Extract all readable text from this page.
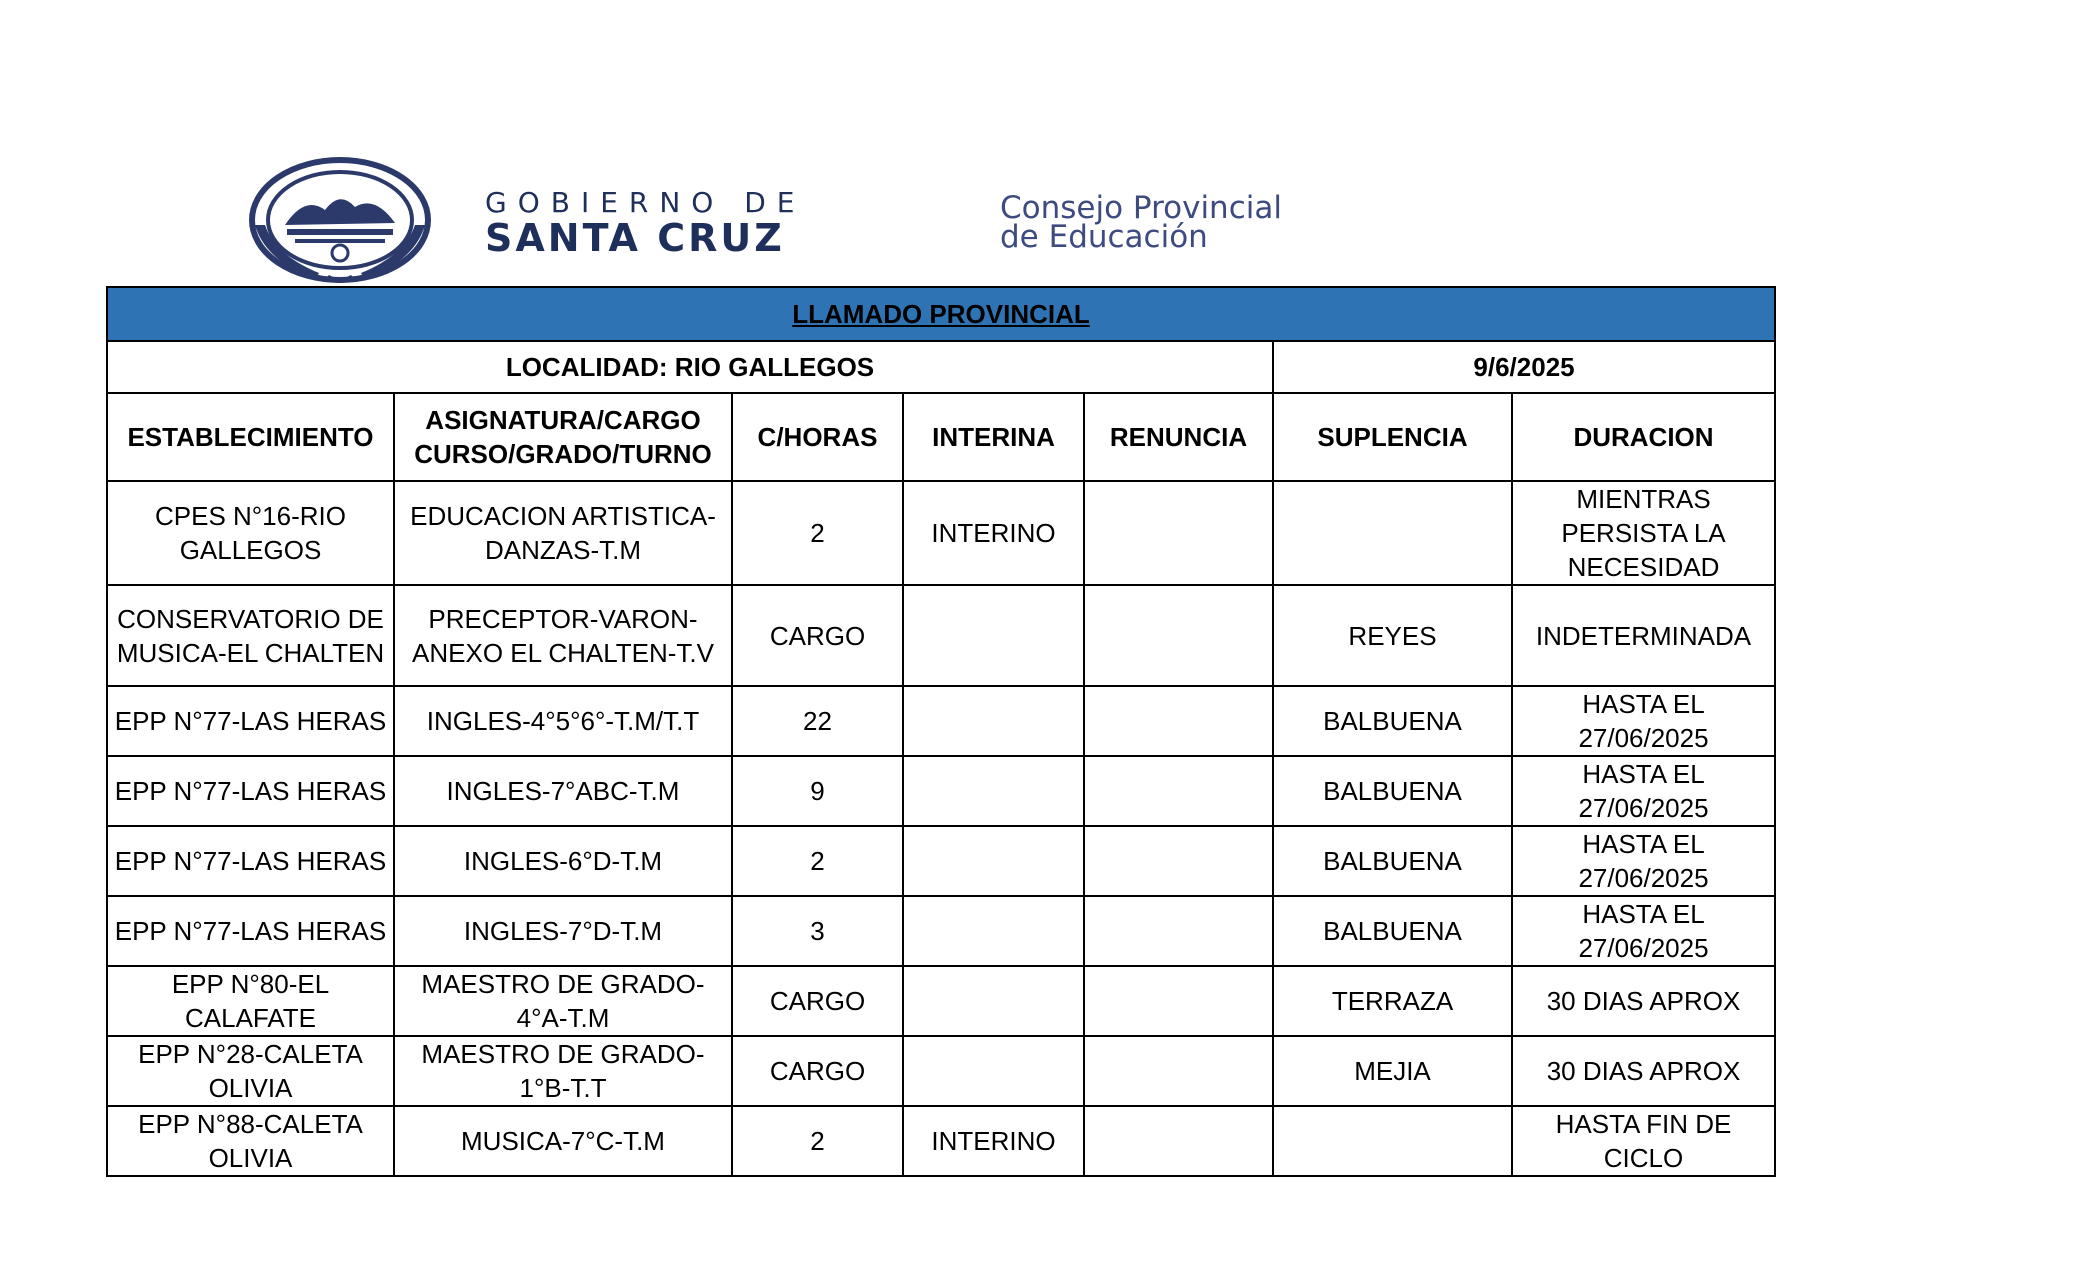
GOBIERNO DE
SANTA CRUZ
Consejo Provincial
de Educación
LLAMADO PROVINCIAL						
LOCALIDAD: RIO GALLEGOS					9/6/2025	
ESTABLECIMIENTO	ASIGNATURA/CARGO CURSO/GRADO/TURNO	C/HORAS	INTERINA	RENUNCIA	SUPLENCIA	DURACION
CPES N°16-RIO GALLEGOS	EDUCACION ARTISTICA-DANZAS-T.M	2	INTERINO			MIENTRAS PERSISTA LA NECESIDAD
CONSERVATORIO DE MUSICA-EL CHALTEN	PRECEPTOR-VARON-ANEXO EL CHALTEN-T.V	CARGO			REYES	INDETERMINADA
EPP N°77-LAS HERAS	INGLES-4°5°6°-T.M/T.T	22			BALBUENA	HASTA EL 27/06/2025
EPP N°77-LAS HERAS	INGLES-7°ABC-T.M	9			BALBUENA	HASTA EL 27/06/2025
EPP N°77-LAS HERAS	INGLES-6°D-T.M	2			BALBUENA	HASTA EL 27/06/2025
EPP N°77-LAS HERAS	INGLES-7°D-T.M	3			BALBUENA	HASTA EL 27/06/2025
EPP N°80-EL CALAFATE	MAESTRO DE GRADO-4°A-T.M	CARGO			TERRAZA	30 DIAS APROX
EPP N°28-CALETA OLIVIA	MAESTRO DE GRADO-1°B-T.T	CARGO			MEJIA	30 DIAS APROX
EPP N°88-CALETA OLIVIA	MUSICA-7°C-T.M	2	INTERINO			HASTA FIN DE CICLO
